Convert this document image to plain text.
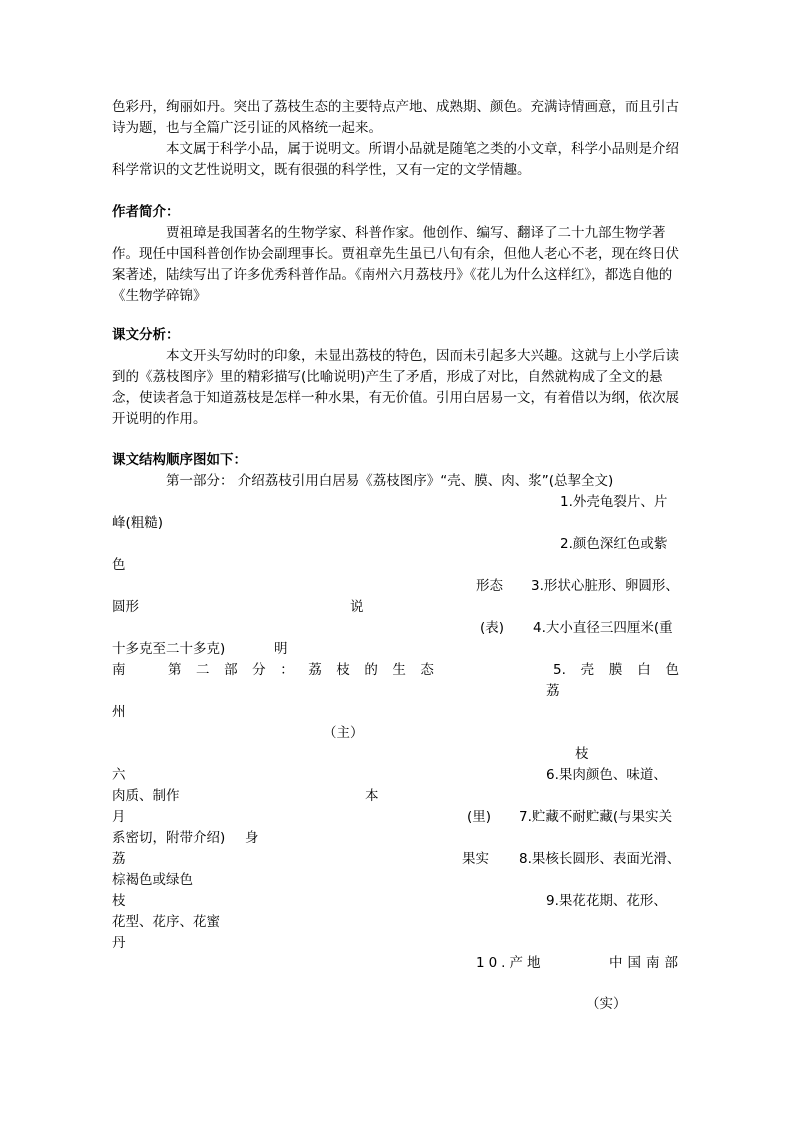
色彩丹，绚丽如丹。突出了荔枝生态的主要特点产地、成熟期、颜色。充满诗情画意，而且引古诗为题，也与全篇广泛引证的风格统一起来。

本文属于科学小品，属于说明文。所谓小品就是随笔之类的小文章，科学小品则是介绍科学常识的文艺性说明文，既有很强的科学性，又有一定的文学情趣。

作者简介：

贾祖璋是我国著名的生物学家、科普作家。他创作、编写、翻译了二十九部生物学著作。现任中国科普创作协会副理事长。贾祖章先生虽已八旬有余，但他人老心不老，现在终日伏案著述，陆续写出了许多优秀科普作品。《南州六月荔枝丹》《花儿为什么这样红》，都选自他的《生物学碎锦》

课文分析：

本文开头写幼时的印象，未显出荔枝的特色，因而未引起多大兴趣。这就与上小学后读到的《荔枝图序》里的精彩描写(比喻说明)产生了矛盾，形成了对比，自然就构成了全文的悬念，使读者急于知道荔枝是怎样一种水果，有无价值。引用白居易一文，有着借以为纲，依次展开说明的作用。

课文结构顺序图如下：
第一部分： 介绍荔枝引用白居易《荔枝图序》“壳、膜、肉、浆”(总挈全文)
1.外壳龟裂片、片
峰(粗糙)
2.颜色深红色或紫
色
形态 3.形状心脏形、卵圆形、
圆形	说
(表) 4.大小直径三四厘米(重
十多克至二十多克)	明
南	第 二 部 分 ： 荔 枝 的 生 态	5. 壳 膜 白 色
荔
州
（主）
枝
六	6.果肉颜色、味道、
肉质、制作	本
月	(里) 7.贮藏不耐贮藏(与果实关
系密切，附带介绍) 身
荔	果实 8.果核长圆形、表面光滑、
棕褐色或绿色
枝	9.果花花期、花形、
花型、花序、花蜜
丹
10.产地	中国南部
（实）
